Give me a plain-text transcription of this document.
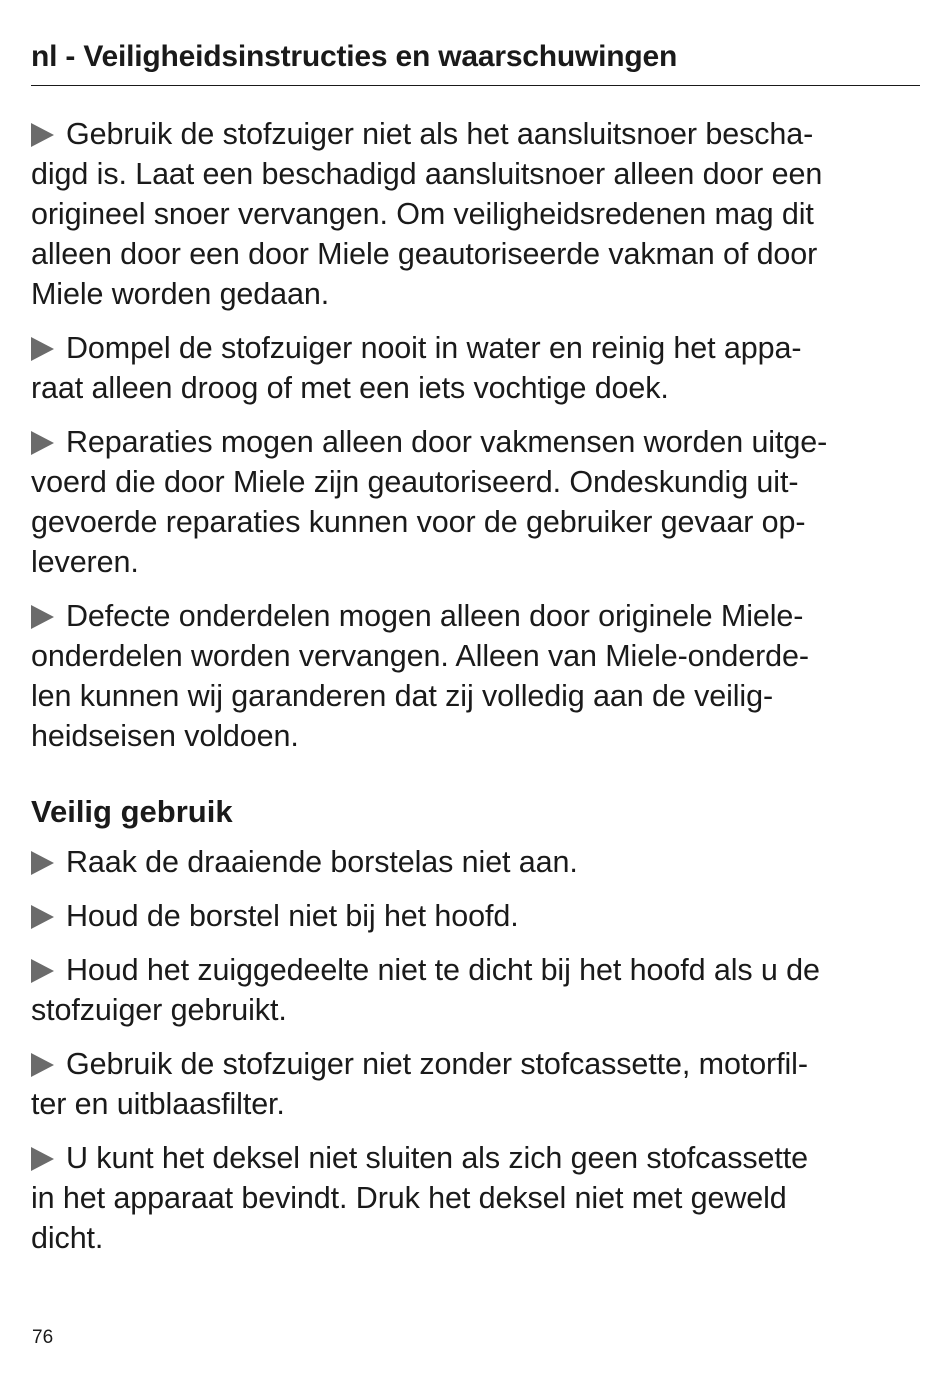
nl - Veiligheidsinstructies en waarschuwingen

Gebruik de stofzuiger niet als het aansluitsnoer bescha-
digd is. Laat een beschadigd aansluitsnoer alleen door een
origineel snoer vervangen. Om veiligheidsredenen mag dit
alleen door een door Miele geautoriseerde vakman of door
Miele worden gedaan.

Dompel de stofzuiger nooit in water en reinig het appa-
raat alleen droog of met een iets vochtige doek.

Reparaties mogen alleen door vakmensen worden uitge-
voerd die door Miele zijn geautoriseerd. Ondeskundig uit-
gevoerde reparaties kunnen voor de gebruiker gevaar op-
leveren.

Defecte onderdelen mogen alleen door originele Miele-
onderdelen worden vervangen. Alleen van Miele-onderde-
len kunnen wij garanderen dat zij volledig aan de veilig-
heidseisen voldoen.

Veilig gebruik

Raak de draaiende borstelas niet aan.

Houd de borstel niet bij het hoofd.

Houd het zuiggedeelte niet te dicht bij het hoofd als u de
stofzuiger gebruikt.

Gebruik de stofzuiger niet zonder stofcassette, motorfil-
ter en uitblaasfilter.

U kunt het deksel niet sluiten als zich geen stofcassette
in het apparaat bevindt. Druk het deksel niet met geweld
dicht.

76
